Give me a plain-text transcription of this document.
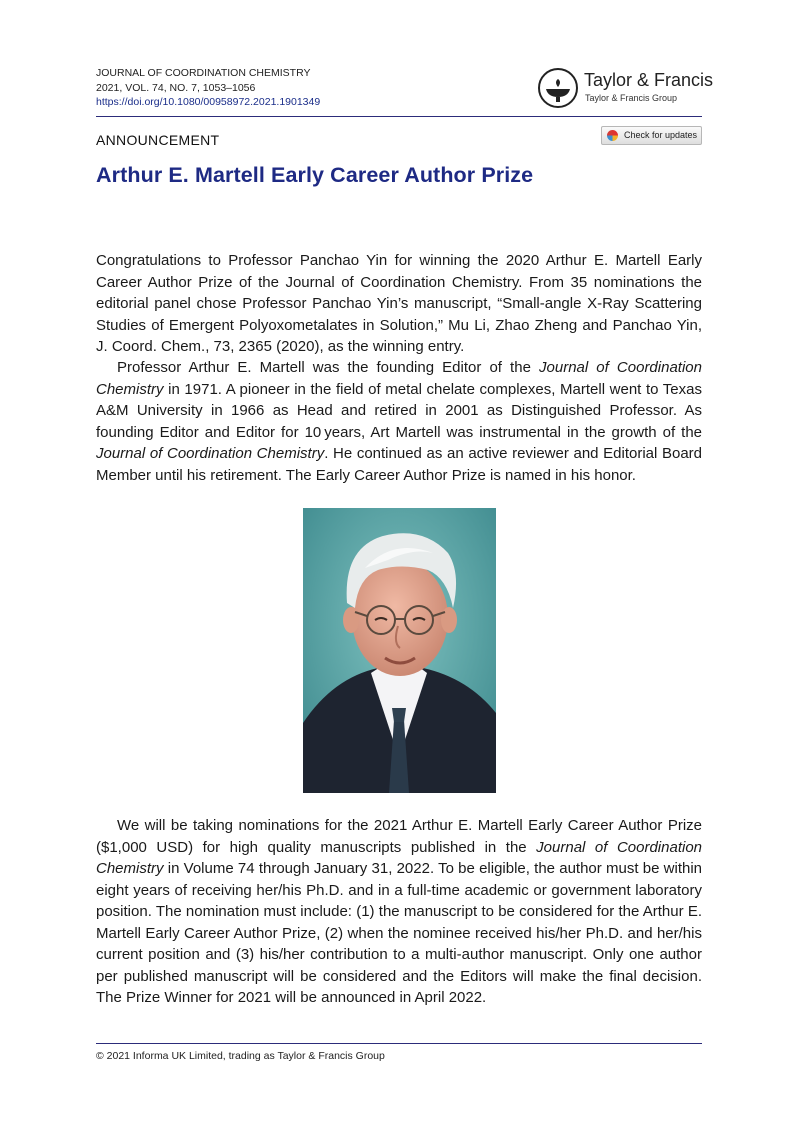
JOURNAL OF COORDINATION CHEMISTRY
2021, VOL. 74, NO. 7, 1053–1056
https://doi.org/10.1080/00958972.2021.1901349
Taylor & Francis
Taylor & Francis Group
ANNOUNCEMENT	Check for updates
Arthur E. Martell Early Career Author Prize

Congratulations to Professor Panchao Yin for winning the 2020 Arthur E. Martell Early Career Author Prize of the Journal of Coordination Chemistry. From 35 nominations the editorial panel chose Professor Panchao Yin’s manuscript, “Small-angle X-Ray Scattering Studies of Emergent Polyoxometalates in Solution,” Mu Li, Zhao Zheng and Panchao Yin, J. Coord. Chem., 73, 2365 (2020), as the winning entry.

Professor Arthur E. Martell was the founding Editor of the Journal of Coordination Chemistry in 1971. A pioneer in the field of metal chelate complexes, Martell went to Texas A&M University in 1966 as Head and retired in 2001 as Distinguished Professor. As founding Editor and Editor for 10 years, Art Martell was instrumental in the growth of the Journal of Coordination Chemistry. He continued as an active reviewer and Editorial Board Member until his retirement. The Early Career Author Prize is named in his honor.

We will be taking nominations for the 2021 Arthur E. Martell Early Career Author Prize ($1,000 USD) for high quality manuscripts published in the Journal of Coordination Chemistry in Volume 74 through January 31, 2022. To be eligible, the author must be within eight years of receiving her/his Ph.D. and in a full-time academic or government laboratory position. The nomination must include: (1) the manuscript to be considered for the Arthur E. Martell Early Career Author Prize, (2) when the nominee received his/her Ph.D. and her/his current position and (3) his/her contribution to a multi-author manuscript. Only one author per published manuscript will be considered and the Editors will make the final decision. The Prize Winner for 2021 will be announced in April 2022.

© 2021 Informa UK Limited, trading as Taylor & Francis Group
